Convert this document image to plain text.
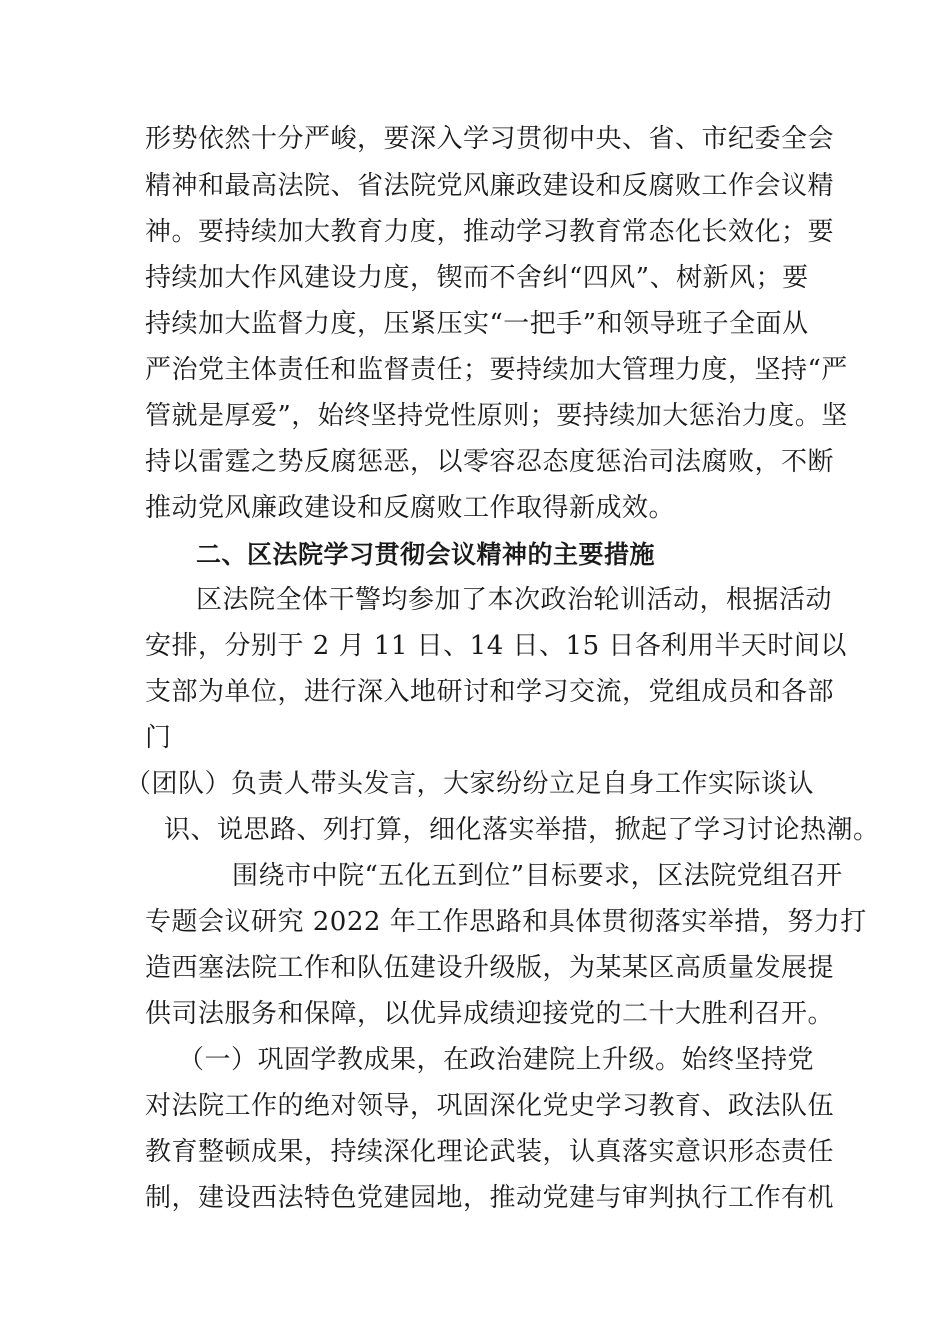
形势依然十分严峻，要深入学习贯彻中央、省、市纪委全会
精神和最高法院、省法院党风廉政建设和反腐败工作会议精
神。要持续加大教育力度，推动学习教育常态化长效化；要
持续加大作风建设力度，锲而不舍纠“四风”、树新风；要
持续加大监督力度，压紧压实“一把手”和领导班子全面从
严治党主体责任和监督责任；要持续加大管理力度，坚持“严
管就是厚爱”，始终坚持党性原则；要持续加大惩治力度。坚
持以雷霆之势反腐惩恶，以零容忍态度惩治司法腐败，不断
推动党风廉政建设和反腐败工作取得新成效。
二、区法院学习贯彻会议精神的主要措施
区法院全体干警均参加了本次政治轮训活动，根据活动
安排，分别于 2 月 11 日、14 日、15 日各利用半天时间以
支部为单位，进行深入地研讨和学习交流，党组成员和各部
门
（团队）负责人带头发言，大家纷纷立足自身工作实际谈认
识、说思路、列打算，细化落实举措，掀起了学习讨论热潮。
围绕市中院“五化五到位”目标要求，区法院党组召开
专题会议研究 2022 年工作思路和具体贯彻落实举措，努力打
造西塞法院工作和队伍建设升级版，为某某区高质量发展提
供司法服务和保障，以优异成绩迎接党的二十大胜利召开。
（一）巩固学教成果，在政治建院上升级。始终坚持党
对法院工作的绝对领导，巩固深化党史学习教育、政法队伍
教育整顿成果，持续深化理论武装，认真落实意识形态责任
制，建设西法特色党建园地，推动党建与审判执行工作有机
